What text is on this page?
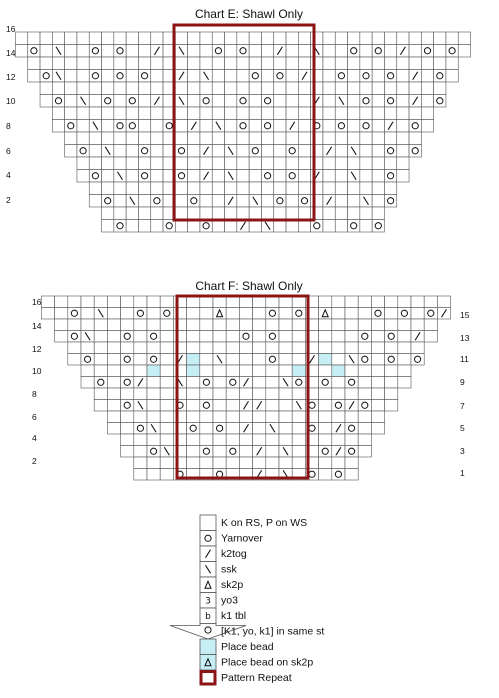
Chart E: Shawl Only
16
14
12
10
8
6
4
2
Chart F: Shawl Only
16
14
12
10
8
6
4
2
15
13
11
9
7
5
3
1
K on RS, P on WS
Yarnover
k2tog
ssk
sk2p
3 yo3
b k1 tbl
[K1, yo, k1] in same st
Place bead
Place bead on sk2p
Pattern Repeat
